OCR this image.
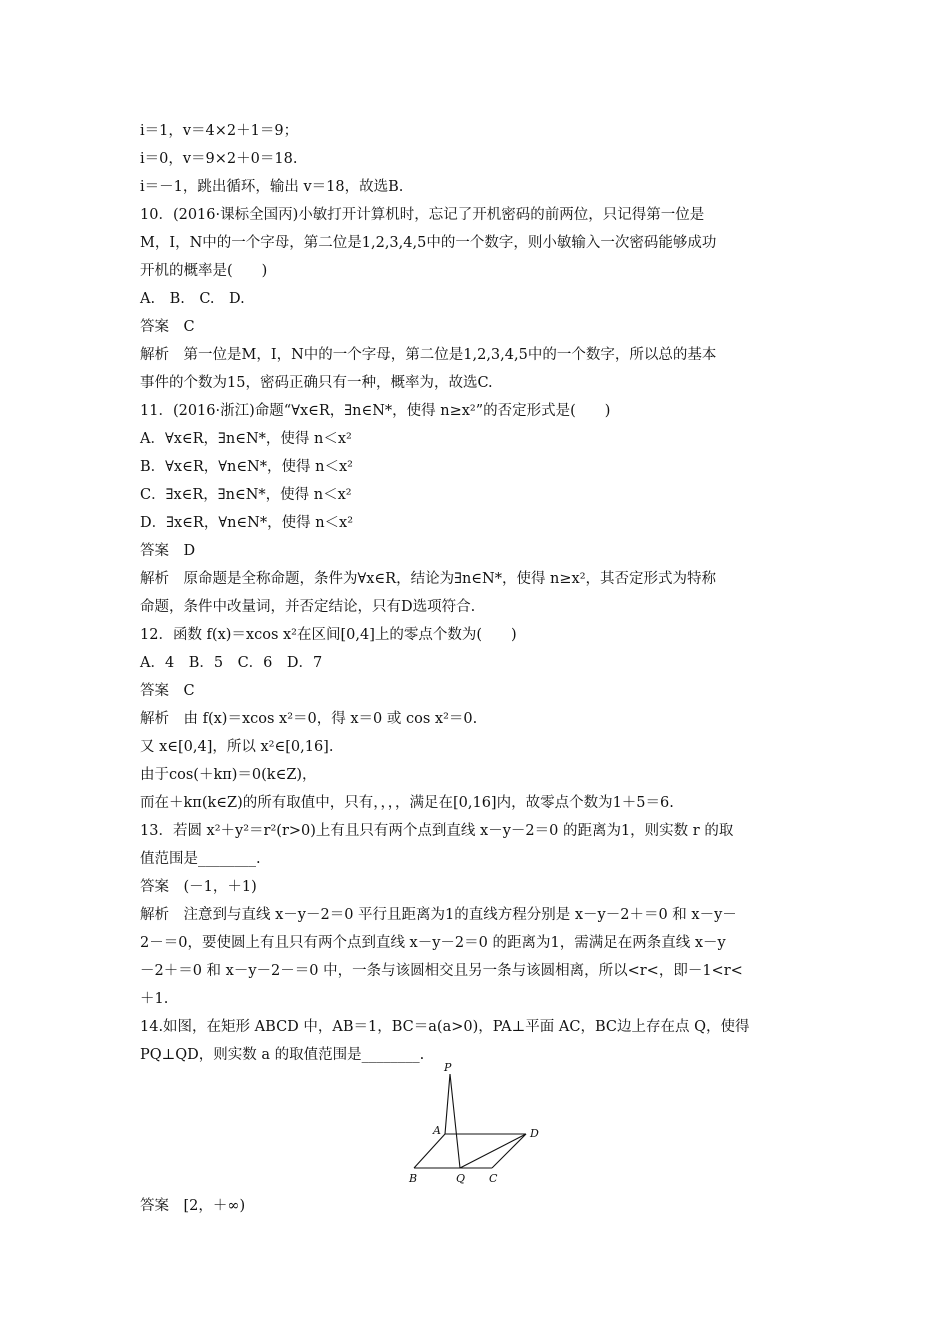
i＝1，v＝4×2＋1＝9；
i＝0，v＝9×2＋0＝18.
i＝－1，跳出循环，输出 v＝18，故选B.
10．(2016·课标全国丙)小敏打开计算机时，忘记了开机密码的前两位，只记得第一位是
M，I，N中的一个字母，第二位是1,2,3,4,5中的一个数字，则小敏输入一次密码能够成功
开机的概率是(　　)
A.　B.　C.　D.
答案　C
解析　第一位是M，I，N中的一个字母，第二位是1,2,3,4,5中的一个数字，所以总的基本
事件的个数为15，密码正确只有一种，概率为，故选C.
11．(2016·浙江)命题“∀x∈R，∃n∈N*，使得 n≥x²”的否定形式是(　　)
A．∀x∈R，∃n∈N*，使得 n＜x²
B．∀x∈R，∀n∈N*，使得 n＜x²
C．∃x∈R，∃n∈N*，使得 n＜x²
D．∃x∈R，∀n∈N*，使得 n＜x²
答案　D
解析　原命题是全称命题，条件为∀x∈R，结论为∃n∈N*，使得 n≥x²，其否定形式为特称
命题，条件中改量词，并否定结论，只有D选项符合.
12．函数 f(x)＝xcos x²在区间[0,4]上的零点个数为(　　)
A．4　B．5　C．6　D．7
答案　C
解析　由 f(x)＝xcos x²＝0，得 x＝0 或 cos x²＝0.
又 x∈[0,4]，所以 x²∈[0,16].
由于cos(＋kπ)＝0(k∈Z)，
而在＋kπ(k∈Z)的所有取值中，只有，，，，满足在[0,16]内，故零点个数为1＋5＝6.
13．若圆 x²＋y²＝r²(r>0)上有且只有两个点到直线 x－y－2＝0 的距离为1，则实数 r 的取
值范围是________.
答案　(－1，＋1)
解析　注意到与直线 x－y－2＝0 平行且距离为1的直线方程分别是 x－y－2＋＝0 和 x－y－
2－＝0，要使圆上有且只有两个点到直线 x－y－2＝0 的距离为1，需满足在两条直线 x－y
－2＋＝0 和 x－y－2－＝0 中，一条与该圆相交且另一条与该圆相离，所以<r<，即－1<r<
＋1.
14.如图，在矩形 ABCD 中，AB＝1，BC＝a(a>0)，PA⊥平面 AC，BC边上存在点 Q，使得
PQ⊥QD，则实数 a 的取值范围是________.
P
A	D
B	Q C
答案　[2，＋∞)
